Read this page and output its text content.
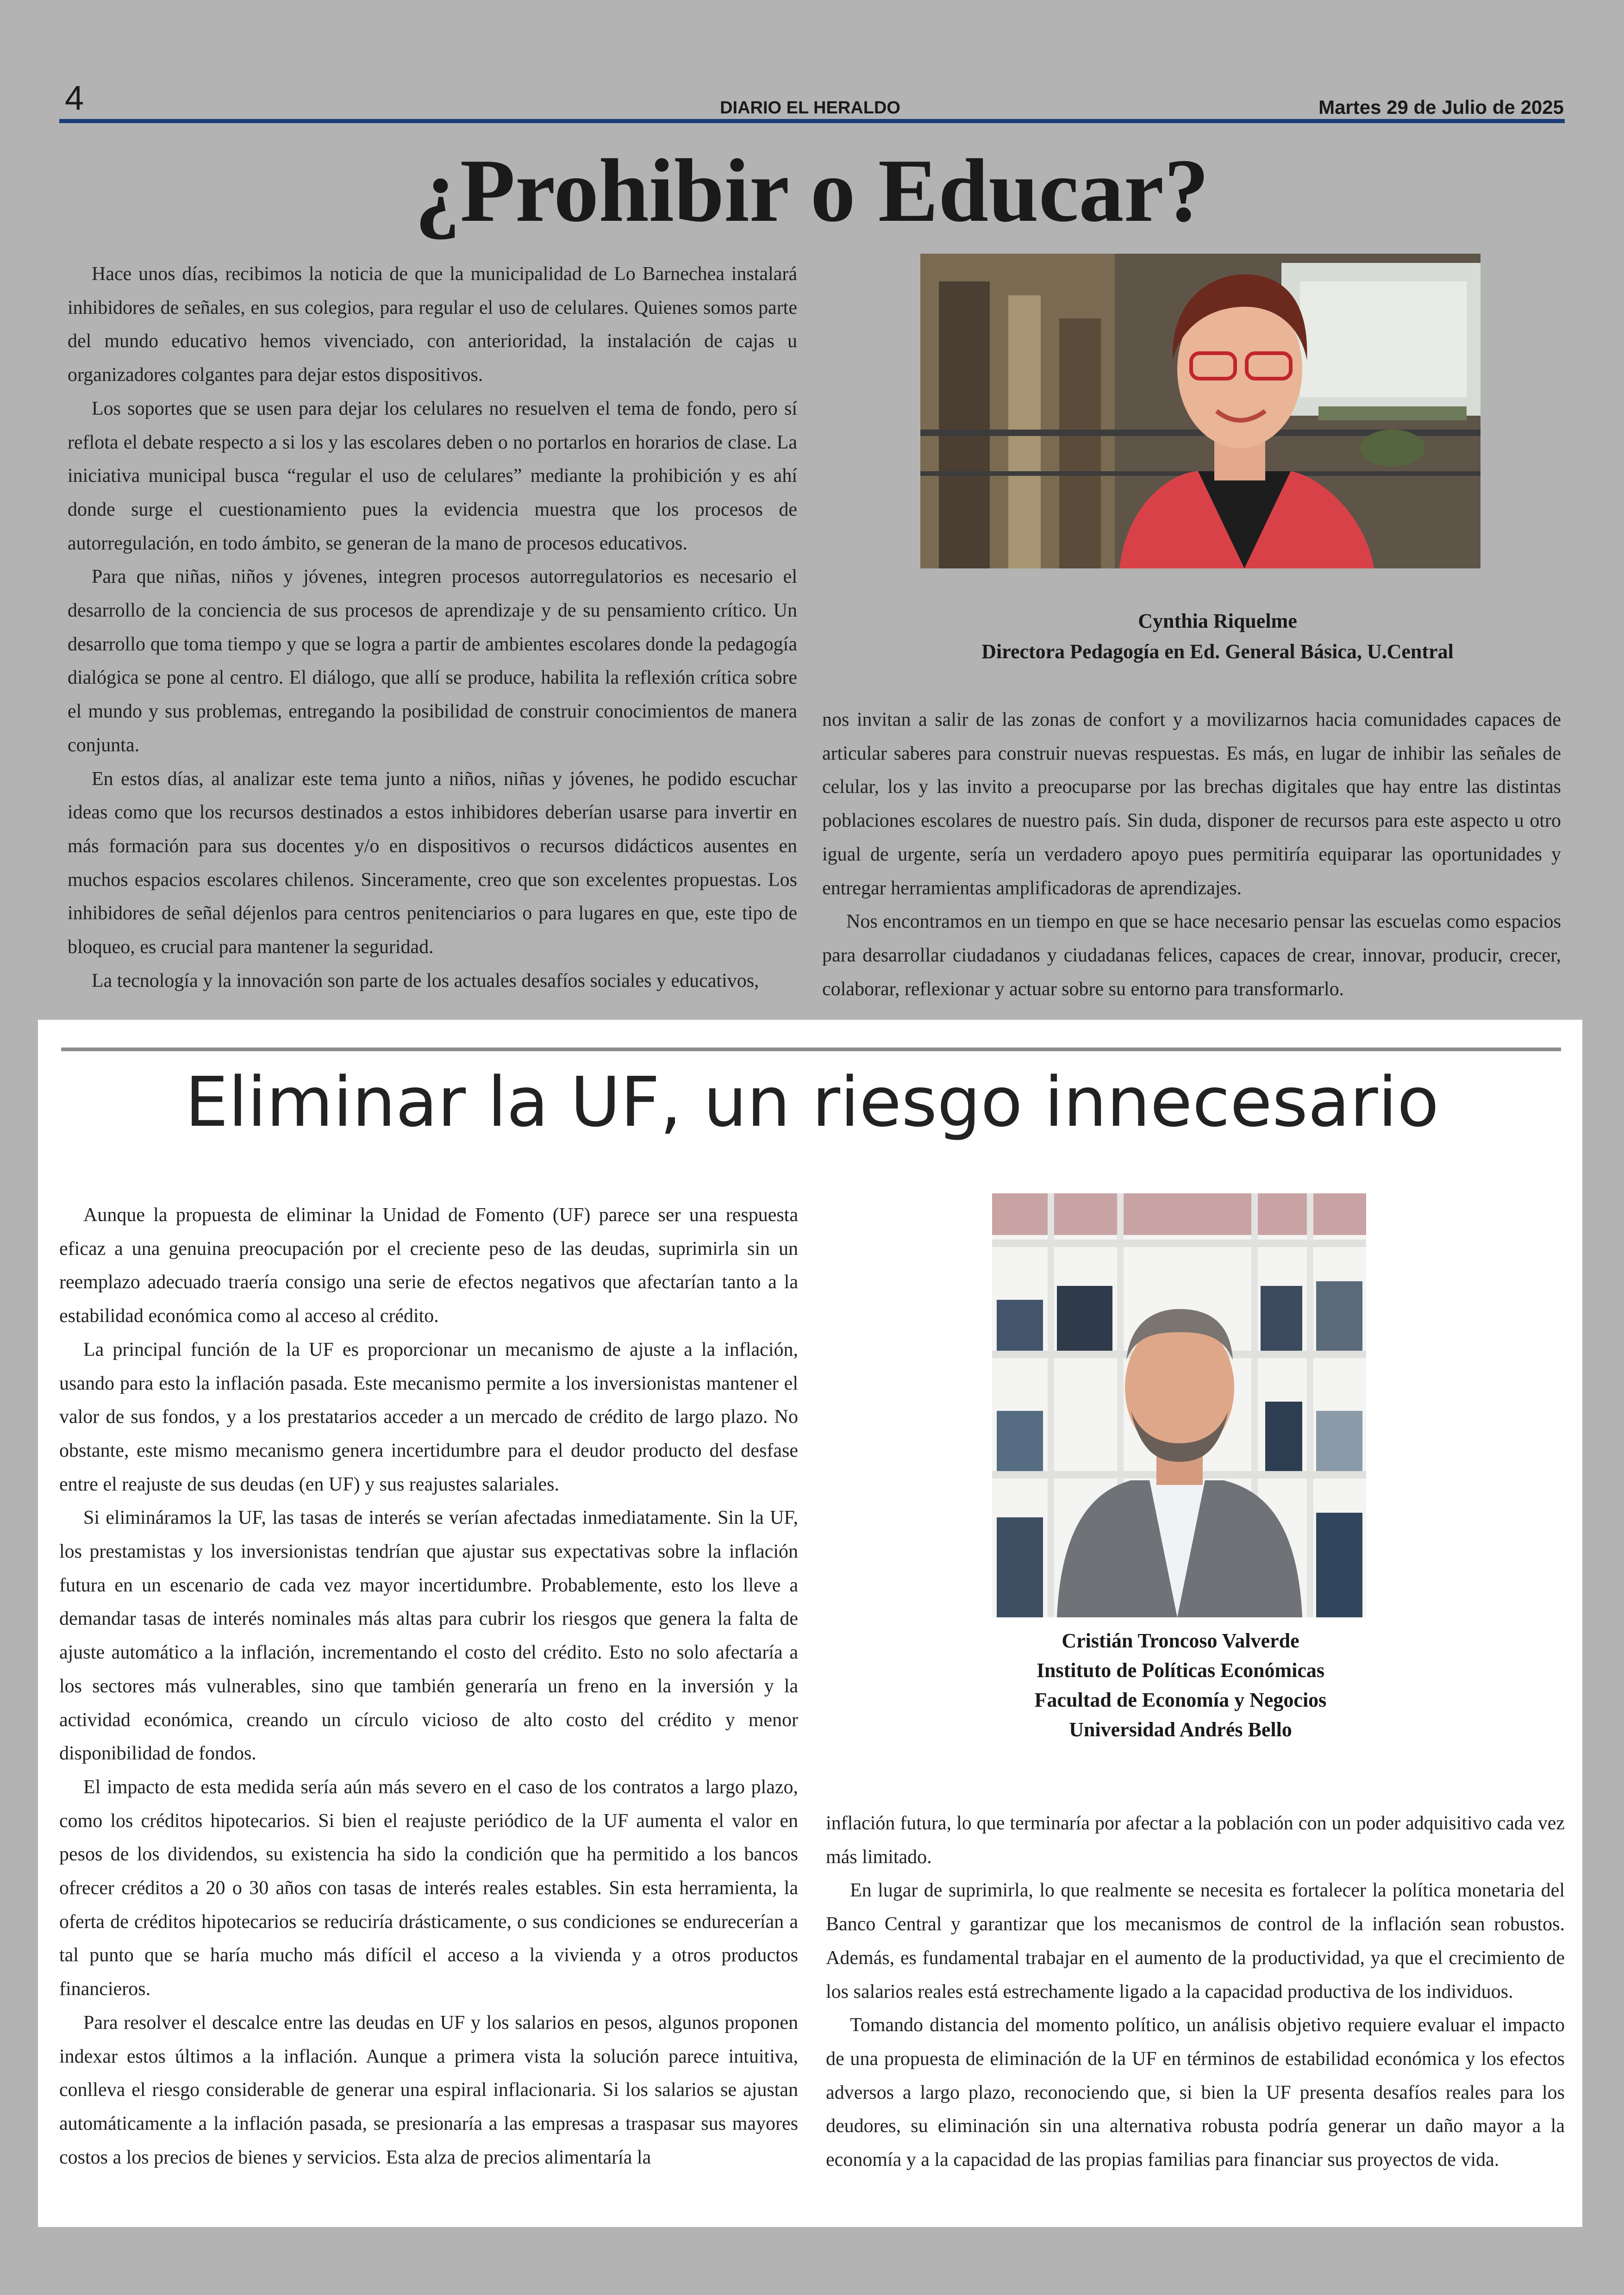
4	DIARIO EL HERALDO	Martes 29 de Julio de 2025
¿Prohibir o Educar?

Hace unos días, recibimos la noticia de que la municipalidad de Lo Barnechea instalará inhibidores de señales, en sus colegios, para regular el uso de celulares. Quienes somos parte del mundo educativo hemos vivenciado, con anterioridad, la instalación de cajas u organizadores colgantes para dejar estos dispositivos.

Los soportes que se usen para dejar los celulares no resuelven el tema de fondo, pero sí reflota el debate respecto a si los y las escolares deben o no portarlos en horarios de clase. La iniciativa municipal busca “regular el uso de celulares” mediante la prohibición y es ahí donde surge el cuestionamiento pues la evidencia muestra que los procesos de autorregulación, en todo ámbito, se generan de la mano de procesos educativos.

Para que niñas, niños y jóvenes, integren procesos autorregulatorios es necesario el desarrollo de la conciencia de sus procesos de aprendizaje y de su pensamiento crítico. Un desarrollo que toma tiempo y que se logra a partir de ambientes escolares donde la pedagogía dialógica se pone al centro. El diálogo, que allí se produce, habilita la reflexión crítica sobre el mundo y sus problemas, entregando la posibilidad de construir conocimientos de manera conjunta.

En estos días, al analizar este tema junto a niños, niñas y jóvenes, he podido escuchar ideas como que los recursos destinados a estos inhibidores deberían usarse para invertir en más formación para sus docentes y/o en dispositivos o recursos didácticos ausentes en muchos espacios escolares chilenos. Sinceramente, creo que son excelentes propuestas. Los inhibidores de señal déjenlos para centros penitenciarios o para lugares en que, este tipo de bloqueo, es crucial para mantener la seguridad.

La tecnología y la innovación son parte de los actuales desafíos sociales y educativos,

Cynthia Riquelme
Directora Pedagogía en Ed. General Básica, U.Central

nos invitan a salir de las zonas de confort y a movilizarnos hacia comunidades capaces de articular saberes para construir nuevas respuestas. Es más, en lugar de inhibir las señales de celular, los y las invito a preocuparse por las brechas digitales que hay entre las distintas poblaciones escolares de nuestro país. Sin duda, disponer de recursos para este aspecto u otro igual de urgente, sería un verdadero apoyo pues permitiría equiparar las oportunidades y entregar herramientas amplificadoras de aprendizajes.

Nos encontramos en un tiempo en que se hace necesario pensar las escuelas como espacios para desarrollar ciudadanos y ciudadanas felices, capaces de crear, innovar, producir, crecer, colaborar, reflexionar y actuar sobre su entorno para transformarlo.

Eliminar la UF, un riesgo innecesario

Aunque la propuesta de eliminar la Unidad de Fomento (UF) parece ser una respuesta eficaz a una genuina preocupación por el creciente peso de las deudas, suprimirla sin un reemplazo adecuado traería consigo una serie de efectos negativos que afectarían tanto a la estabilidad económica como al acceso al crédito.

La principal función de la UF es proporcionar un mecanismo de ajuste a la inflación, usando para esto la inflación pasada. Este mecanismo permite a los inversionistas mantener el valor de sus fondos, y a los prestatarios acceder a un mercado de crédito de largo plazo. No obstante, este mismo mecanismo genera incertidumbre para el deudor producto del desfase entre el reajuste de sus deudas (en UF) y sus reajustes salariales.

Si elimináramos la UF, las tasas de interés se verían afectadas inmediatamente. Sin la UF, los prestamistas y los inversionistas tendrían que ajustar sus expectativas sobre la inflación futura en un escenario de cada vez mayor incertidumbre. Probablemente, esto los lleve a demandar tasas de interés nominales más altas para cubrir los riesgos que genera la falta de ajuste automático a la inflación, incrementando el costo del crédito. Esto no solo afectaría a los sectores más vulnerables, sino que también generaría un freno en la inversión y la actividad económica, creando un círculo vicioso de alto costo del crédito y menor disponibilidad de fondos.

El impacto de esta medida sería aún más severo en el caso de los contratos a largo plazo, como los créditos hipotecarios. Si bien el reajuste periódico de la UF aumenta el valor en pesos de los dividendos, su existencia ha sido la condición que ha permitido a los bancos ofrecer créditos a 20 o 30 años con tasas de interés reales estables. Sin esta herramienta, la oferta de créditos hipotecarios se reduciría drásticamente, o sus condiciones se endurecerían a tal punto que se haría mucho más difícil el acceso a la vivienda y a otros productos financieros.

Para resolver el descalce entre las deudas en UF y los salarios en pesos, algunos proponen indexar estos últimos a la inflación. Aunque a primera vista la solución parece intuitiva, conlleva el riesgo considerable de generar una espiral inflacionaria. Si los salarios se ajustan automáticamente a la inflación pasada, se presionaría a las empresas a traspasar sus mayores costos a los precios de bienes y servicios. Esta alza de precios alimentaría la

Cristián Troncoso Valverde
Instituto de Políticas Económicas
Facultad de Economía y Negocios
Universidad Andrés Bello

inflación futura, lo que terminaría por afectar a la población con un poder adquisitivo cada vez más limitado.

En lugar de suprimirla, lo que realmente se necesita es fortalecer la política monetaria del Banco Central y garantizar que los mecanismos de control de la inflación sean robustos. Además, es fundamental trabajar en el aumento de la productividad, ya que el crecimiento de los salarios reales está estrechamente ligado a la capacidad productiva de los individuos.

Tomando distancia del momento político, un análisis objetivo requiere evaluar el impacto de una propuesta de eliminación de la UF en términos de estabilidad económica y los efectos adversos a largo plazo, reconociendo que, si bien la UF presenta desafíos reales para los deudores, su eliminación sin una alternativa robusta podría generar un daño mayor a la economía y a la capacidad de las propias familias para financiar sus proyectos de vida.
